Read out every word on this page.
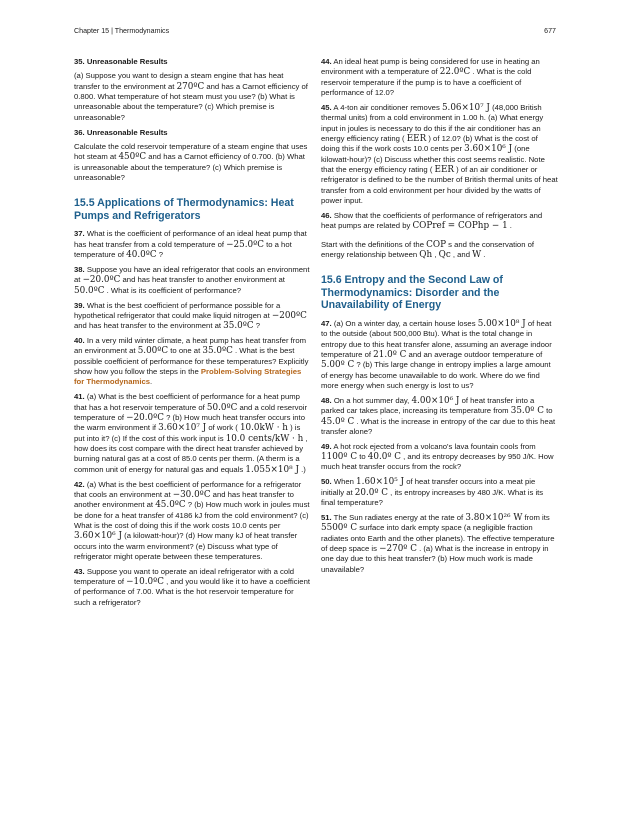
Chapter 15 | Thermodynamics	677

35. Unreasonable Results

(a) Suppose you want to design a steam engine that has heat transfer to the environment at 270ºC and has a Carnot efficiency of 0.800. What temperature of hot steam must you use? (b) What is unreasonable about the temperature? (c) Which premise is unreasonable?

36. Unreasonable Results

Calculate the cold reservoir temperature of a steam engine that uses hot steam at 450ºC and has a Carnot efficiency of 0.700. (b) What is unreasonable about the temperature? (c) Which premise is unreasonable?

15.5 Applications of Thermodynamics: Heat Pumps and Refrigerators

37. What is the coefficient of performance of an ideal heat pump that has heat transfer from a cold temperature of −25.0ºC to a hot temperature of 40.0ºC ?

38. Suppose you have an ideal refrigerator that cools an environment at −20.0ºC and has heat transfer to another environment at 50.0ºC . What is its coefficient of performance?

39. What is the best coefficient of performance possible for a hypothetical refrigerator that could make liquid nitrogen at −200ºC and has heat transfer to the environment at 35.0ºC ?

40. In a very mild winter climate, a heat pump has heat transfer from an environment at 5.00ºC to one at 35.0ºC . What is the best possible coefficient of performance for these temperatures? Explicitly show how you follow the steps in the Problem-Solving Strategies for Thermodynamics.

41. (a) What is the best coefficient of performance for a heat pump that has a hot reservoir temperature of 50.0ºC and a cold reservoir temperature of −20.0ºC ? (b) How much heat transfer occurs into the warm environment if 3.60×10⁷ J of work ( 10.0kW · h ) is put into it? (c) If the cost of this work input is 10.0 cents/kW · h , how does its cost compare with the direct heat transfer achieved by burning natural gas at a cost of 85.0 cents per therm. (A therm is a common unit of energy for natural gas and equals 1.055×10⁸ J .)

42. (a) What is the best coefficient of performance for a refrigerator that cools an environment at −30.0ºC and has heat transfer to another environment at 45.0ºC ? (b) How much work in joules must be done for a heat transfer of 4186 kJ from the cold environment? (c) What is the cost of doing this if the work costs 10.0 cents per 3.60×10⁶ J (a kilowatt-hour)? (d) How many kJ of heat transfer occurs into the warm environment? (e) Discuss what type of refrigerator might operate between these temperatures.

43. Suppose you want to operate an ideal refrigerator with a cold temperature of −10.0ºC , and you would like it to have a coefficient of performance of 7.00. What is the hot reservoir temperature for such a refrigerator?

44. An ideal heat pump is being considered for use in heating an environment with a temperature of 22.0ºC . What is the cold reservoir temperature if the pump is to have a coefficient of performance of 12.0?

45. A 4-ton air conditioner removes 5.06×10⁷ J (48,000 British thermal units) from a cold environment in 1.00 h. (a) What energy input in joules is necessary to do this if the air conditioner has an energy efficiency rating ( EER ) of 12.0? (b) What is the cost of doing this if the work costs 10.0 cents per 3.60×10⁶ J (one kilowatt-hour)? (c) Discuss whether this cost seems realistic. Note that the energy efficiency rating ( EER ) of an air conditioner or refrigerator is defined to be the number of British thermal units of heat transfer from a cold environment per hour divided by the watts of power input.

46. Show that the coefficients of performance of refrigerators and heat pumps are related by COPref = COPhp − 1 .

Start with the definitions of the COP s and the conservation of energy relationship between Qh , Qc , and W .

15.6 Entropy and the Second Law of Thermodynamics: Disorder and the Unavailability of Energy

47. (a) On a winter day, a certain house loses 5.00×10⁸ J of heat to the outside (about 500,000 Btu). What is the total change in entropy due to this heat transfer alone, assuming an average indoor temperature of 21.0º C and an average outdoor temperature of 5.00º C ? (b) This large change in entropy implies a large amount of energy has become unavailable to do work. Where do we find more energy when such energy is lost to us?

48. On a hot summer day, 4.00×10⁶ J of heat transfer into a parked car takes place, increasing its temperature from 35.0º C to 45.0º C . What is the increase in entropy of the car due to this heat transfer alone?

49. A hot rock ejected from a volcano's lava fountain cools from 1100º C to 40.0º C , and its entropy decreases by 950 J/K. How much heat transfer occurs from the rock?

50. When 1.60×10⁵ J of heat transfer occurs into a meat pie initially at 20.0º C , its entropy increases by 480 J/K. What is its final temperature?

51. The Sun radiates energy at the rate of 3.80×10²⁶ W from its 5500º C surface into dark empty space (a negligible fraction radiates onto Earth and the other planets). The effective temperature of deep space is −270º C . (a) What is the increase in entropy in one day due to this heat transfer? (b) How much work is made unavailable?
